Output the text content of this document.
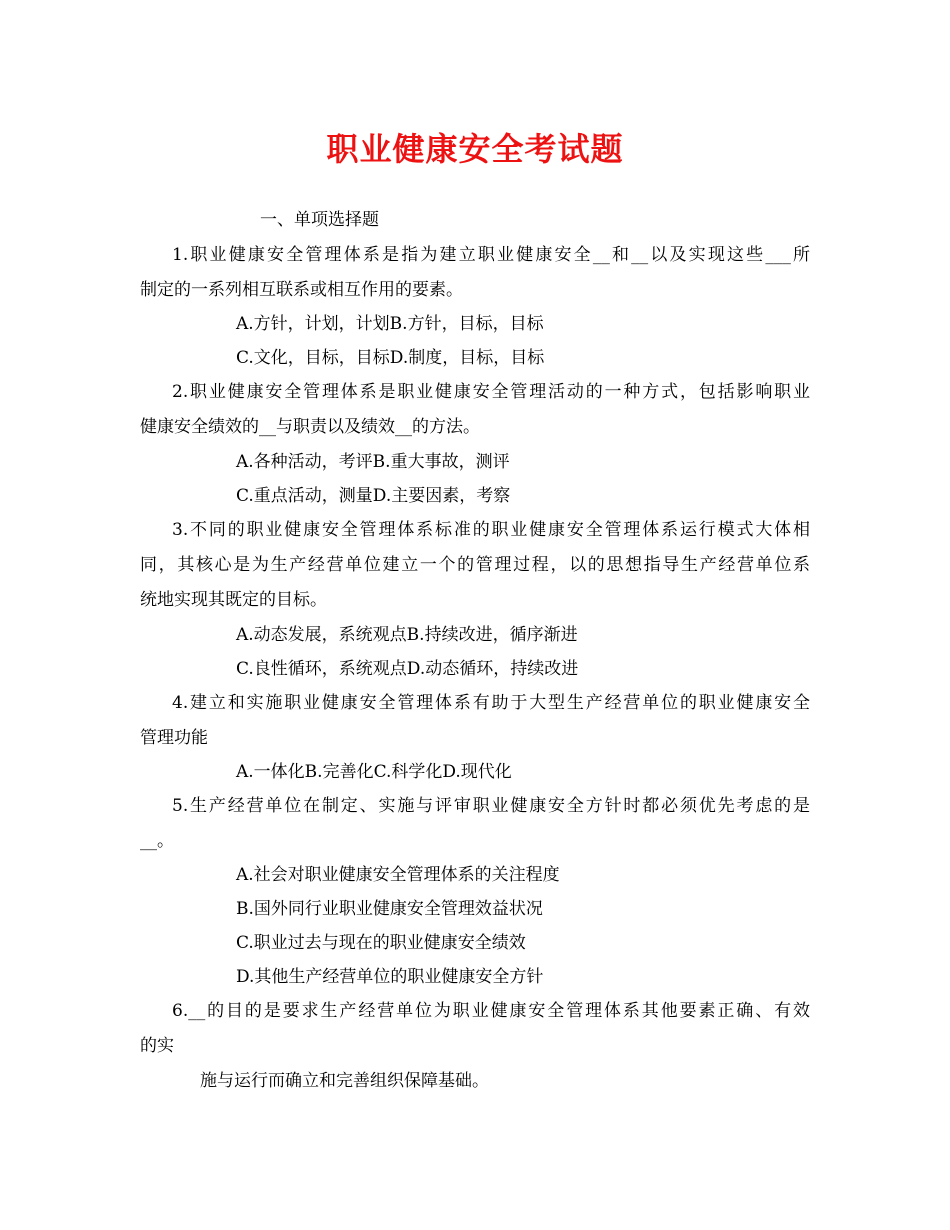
职业健康安全考试题
一、单项选择题
1.职业健康安全管理体系是指为建立职业健康安全__和__以及实现这些___所
制定的一系列相互联系或相互作用的要素。
A.方针，计划，计划B.方针，目标，目标
C.文化，目标，目标D.制度，目标，目标
2.职业健康安全管理体系是职业健康安全管理活动的一种方式，包括影响职业
健康安全绩效的__与职责以及绩效__的方法。
A.各种活动，考评B.重大事故，测评
C.重点活动，测量D.主要因素，考察
3.不同的职业健康安全管理体系标准的职业健康安全管理体系运行模式大体相
同，其核心是为生产经营单位建立一个的管理过程，以的思想指导生产经营单位系
统地实现其既定的目标。
A.动态发展，系统观点B.持续改进，循序渐进
C.良性循环，系统观点D.动态循环，持续改进
4.建立和实施职业健康安全管理体系有助于大型生产经营单位的职业健康安全
管理功能
A.一体化B.完善化C.科学化D.现代化
5.生产经营单位在制定、实施与评审职业健康安全方针时都必须优先考虑的是
__。
A.社会对职业健康安全管理体系的关注程度
B.国外同行业职业健康安全管理效益状况
C.职业过去与现在的职业健康安全绩效
D.其他生产经营单位的职业健康安全方针
6.__的目的是要求生产经营单位为职业健康安全管理体系其他要素正确、有效
的实
施与运行而确立和完善组织保障基础。
